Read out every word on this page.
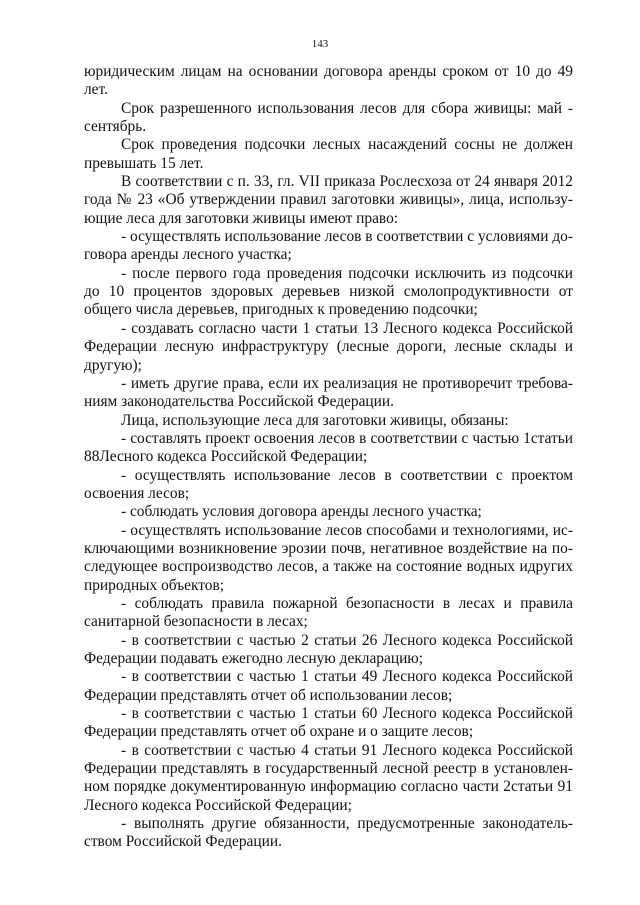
143

юридическим лицам на основании договора аренды сроком от 10 до 49 лет.

Срок разрешенного использования лесов для сбора живицы: май - сентябрь.

Срок проведения подсочки лесных насаждений сосны не должен превышать 15 лет.

В соответствии с п. 33, гл. VII приказа Рослесхоза от 24 января 2012 года № 23 «Об утверждении правил заготовки живицы», лица, использующие леса для заготовки живицы имеют право:

- осуществлять использование лесов в соответствии с условиями договора аренды лесного участка;

- после первого года проведения подсочки исключить из подсочки до 10 процентов здоровых деревьев низкой смолопродуктивности от общего числа деревьев, пригодных к проведению подсочки;

- создавать согласно части 1 статьи 13 Лесного кодекса Российской Федерации лесную инфраструктуру (лесные дороги, лесные склады и другую);

- иметь другие права, если их реализация не противоречит требованиям законодательства Российской Федерации.

Лица, использующие леса для заготовки живицы, обязаны:

- составлять проект освоения лесов в соответствии с частью 1статьи 88Лесного кодекса Российской Федерации;

- осуществлять использование лесов в соответствии с проектом освоения лесов;

- соблюдать условия договора аренды лесного участка;

- осуществлять использование лесов способами и технологиями, исключающими возникновение эрозии почв, негативное воздействие на последующее воспроизводство лесов, а также на состояние водных идругих природных объектов;

- соблюдать правила пожарной безопасности в лесах и правила санитарной безопасности в лесах;

- в соответствии с частью 2 статьи 26 Лесного кодекса Российской Федерации подавать ежегодно лесную декларацию;

- в соответствии с частью 1 статьи 49 Лесного кодекса Российской Федерации представлять отчет об использовании лесов;

- в соответствии с частью 1 статьи 60 Лесного кодекса Российской Федерации представлять отчет об охране и о защите лесов;

- в соответствии с частью 4 статьи 91 Лесного кодекса Российской Федерации представлять в государственный лесной реестр в установленном порядке документированную информацию согласно части 2статьи 91 Лесного кодекса Российской Федерации;

- выполнять другие обязанности, предусмотренные законодательством Российской Федерации.
